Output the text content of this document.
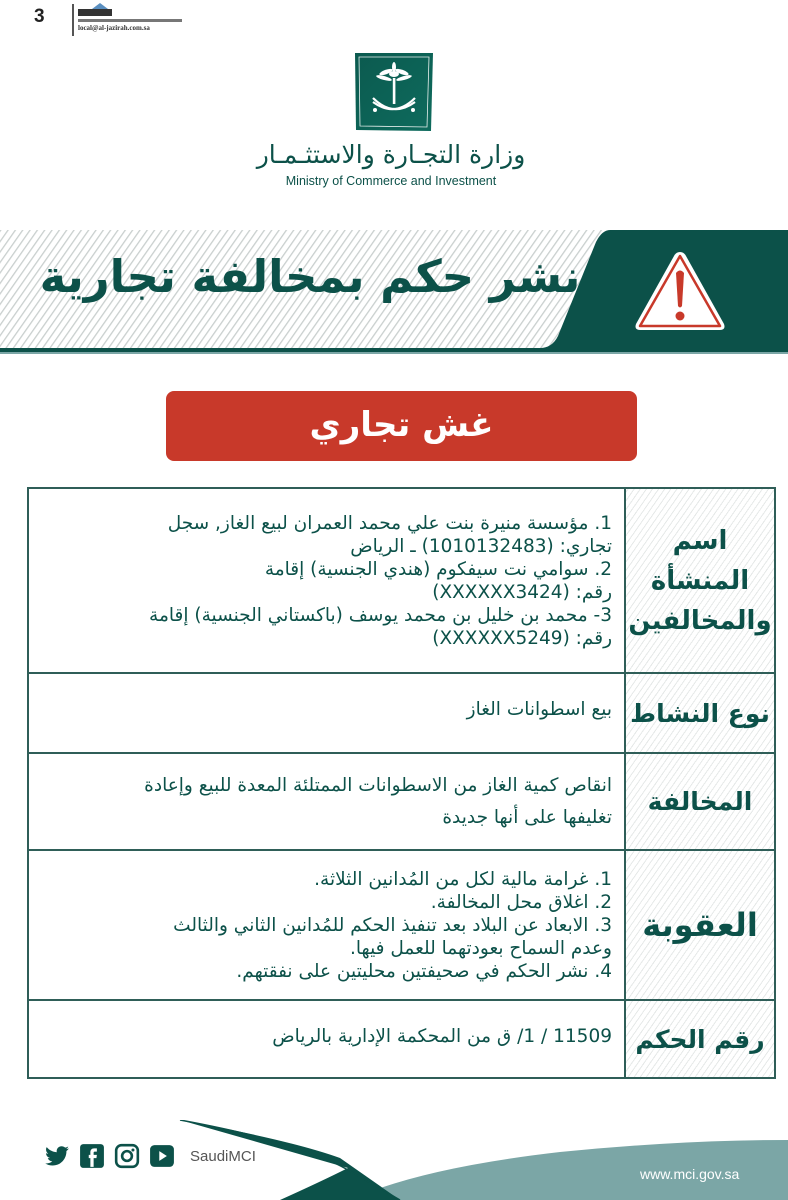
3
local@al-jazirah.com.sa
وزارة التجـارة والاستثـمـار
Ministry of Commerce and Investment
نشر حكم بمخالفة تجارية
غش تجاري
اسم
المنشأة
والمخالفين

1. مؤسسة منيرة بنت علي محمد العمران لبيع الغاز, سجل

تجاري: (1010132483) ـ الرياض

2. سوامي نت سيفكوم (هندي الجنسية) إقامة

رقم: (XXXXXX3424)

3- محمد بن خليل بن محمد يوسف (باكستاني الجنسية) إقامة

رقم: (XXXXXX5249)

نوع النشاط

بيع اسطوانات الغاز

المخالفة

انقاص كمية الغاز من الاسطوانات الممتلئة المعدة للبيع وإعادة

تغليفها على أنها جديدة

العقوبة

1. غرامة مالية لكل من المُدانين الثلاثة.

2. اغلاق محل المخالفة.

3. الابعاد عن البلاد بعد تنفيذ الحكم للمُدانين الثاني والثالث

وعدم السماح بعودتهما للعمل فيها.

4. نشر الحكم في صحيفتين محليتين على نفقتهم.

رقم الحكم

11509 / 1/ ق من المحكمة الإدارية بالرياض

SaudiMCI
www.mci.gov.sa
